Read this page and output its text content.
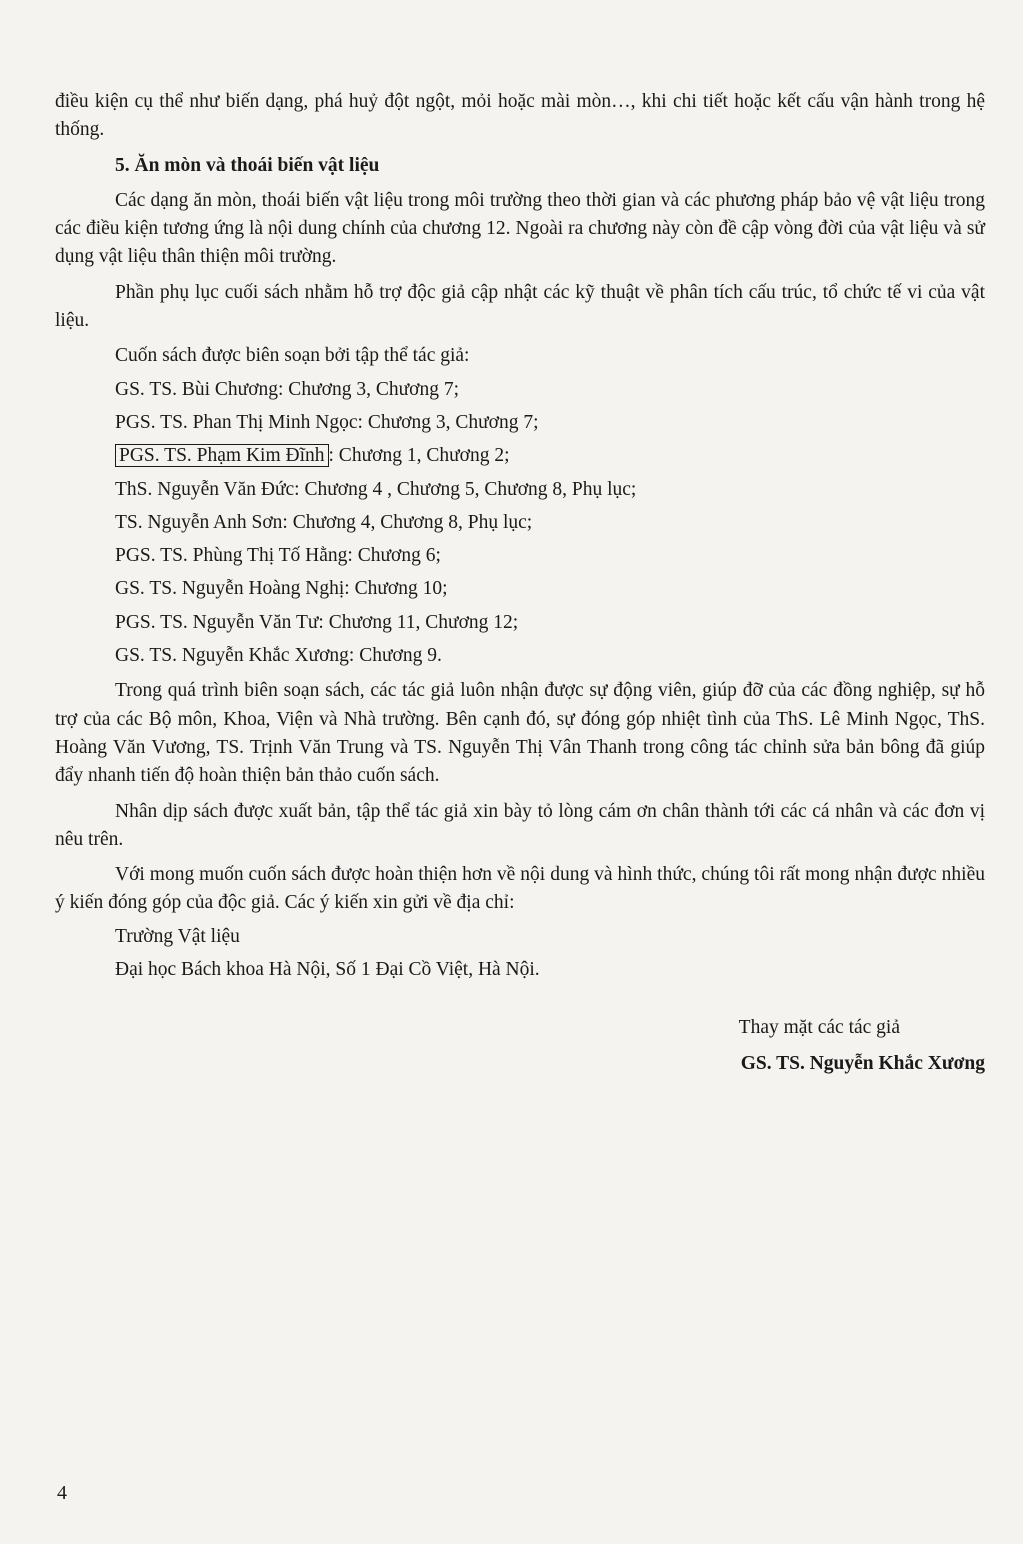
điều kiện cụ thể như biến dạng, phá huỷ đột ngột, mỏi hoặc mài mòn…, khi chi tiết hoặc kết cấu vận hành trong hệ thống.

5. Ăn mòn và thoái biến vật liệu

Các dạng ăn mòn, thoái biến vật liệu trong môi trường theo thời gian và các phương pháp bảo vệ vật liệu trong các điều kiện tương ứng là nội dung chính của chương 12. Ngoài ra chương này còn đề cập vòng đời của vật liệu và sử dụng vật liệu thân thiện môi trường.

Phần phụ lục cuối sách nhằm hỗ trợ độc giả cập nhật các kỹ thuật về phân tích cấu trúc, tổ chức tế vi của vật liệu.

Cuốn sách được biên soạn bởi tập thể tác giả:

GS. TS. Bùi Chương: Chương 3, Chương 7;

PGS. TS. Phan Thị Minh Ngọc: Chương 3, Chương 7;

PGS. TS. Phạm Kim Đĩnh : Chương 1, Chương 2;

ThS. Nguyễn Văn Đức: Chương 4 , Chương 5, Chương 8, Phụ lục;

TS. Nguyễn Anh Sơn: Chương 4, Chương 8, Phụ lục;

PGS. TS. Phùng Thị Tố Hằng: Chương 6;

GS. TS. Nguyễn Hoàng Nghị: Chương 10;

PGS. TS. Nguyễn Văn Tư: Chương 11, Chương 12;

GS. TS. Nguyễn Khắc Xương: Chương 9.

Trong quá trình biên soạn sách, các tác giả luôn nhận được sự động viên, giúp đỡ của các đồng nghiệp, sự hỗ trợ của các Bộ môn, Khoa, Viện và Nhà trường. Bên cạnh đó, sự đóng góp nhiệt tình của ThS. Lê Minh Ngọc, ThS. Hoàng Văn Vương, TS. Trịnh Văn Trung và TS. Nguyễn Thị Vân Thanh trong công tác chỉnh sửa bản bông đã giúp đẩy nhanh tiến độ hoàn thiện bản thảo cuốn sách.

Nhân dịp sách được xuất bản, tập thể tác giả xin bày tỏ lòng cám ơn chân thành tới các cá nhân và các đơn vị nêu trên.

Với mong muốn cuốn sách được hoàn thiện hơn về nội dung và hình thức, chúng tôi rất mong nhận được nhiều ý kiến đóng góp của độc giả. Các ý kiến xin gửi về địa chỉ:

Trường Vật liệu

Đại học Bách khoa Hà Nội, Số 1 Đại Cồ Việt, Hà Nội.

Thay mặt các tác giả

GS. TS. Nguyễn Khắc Xương

4
